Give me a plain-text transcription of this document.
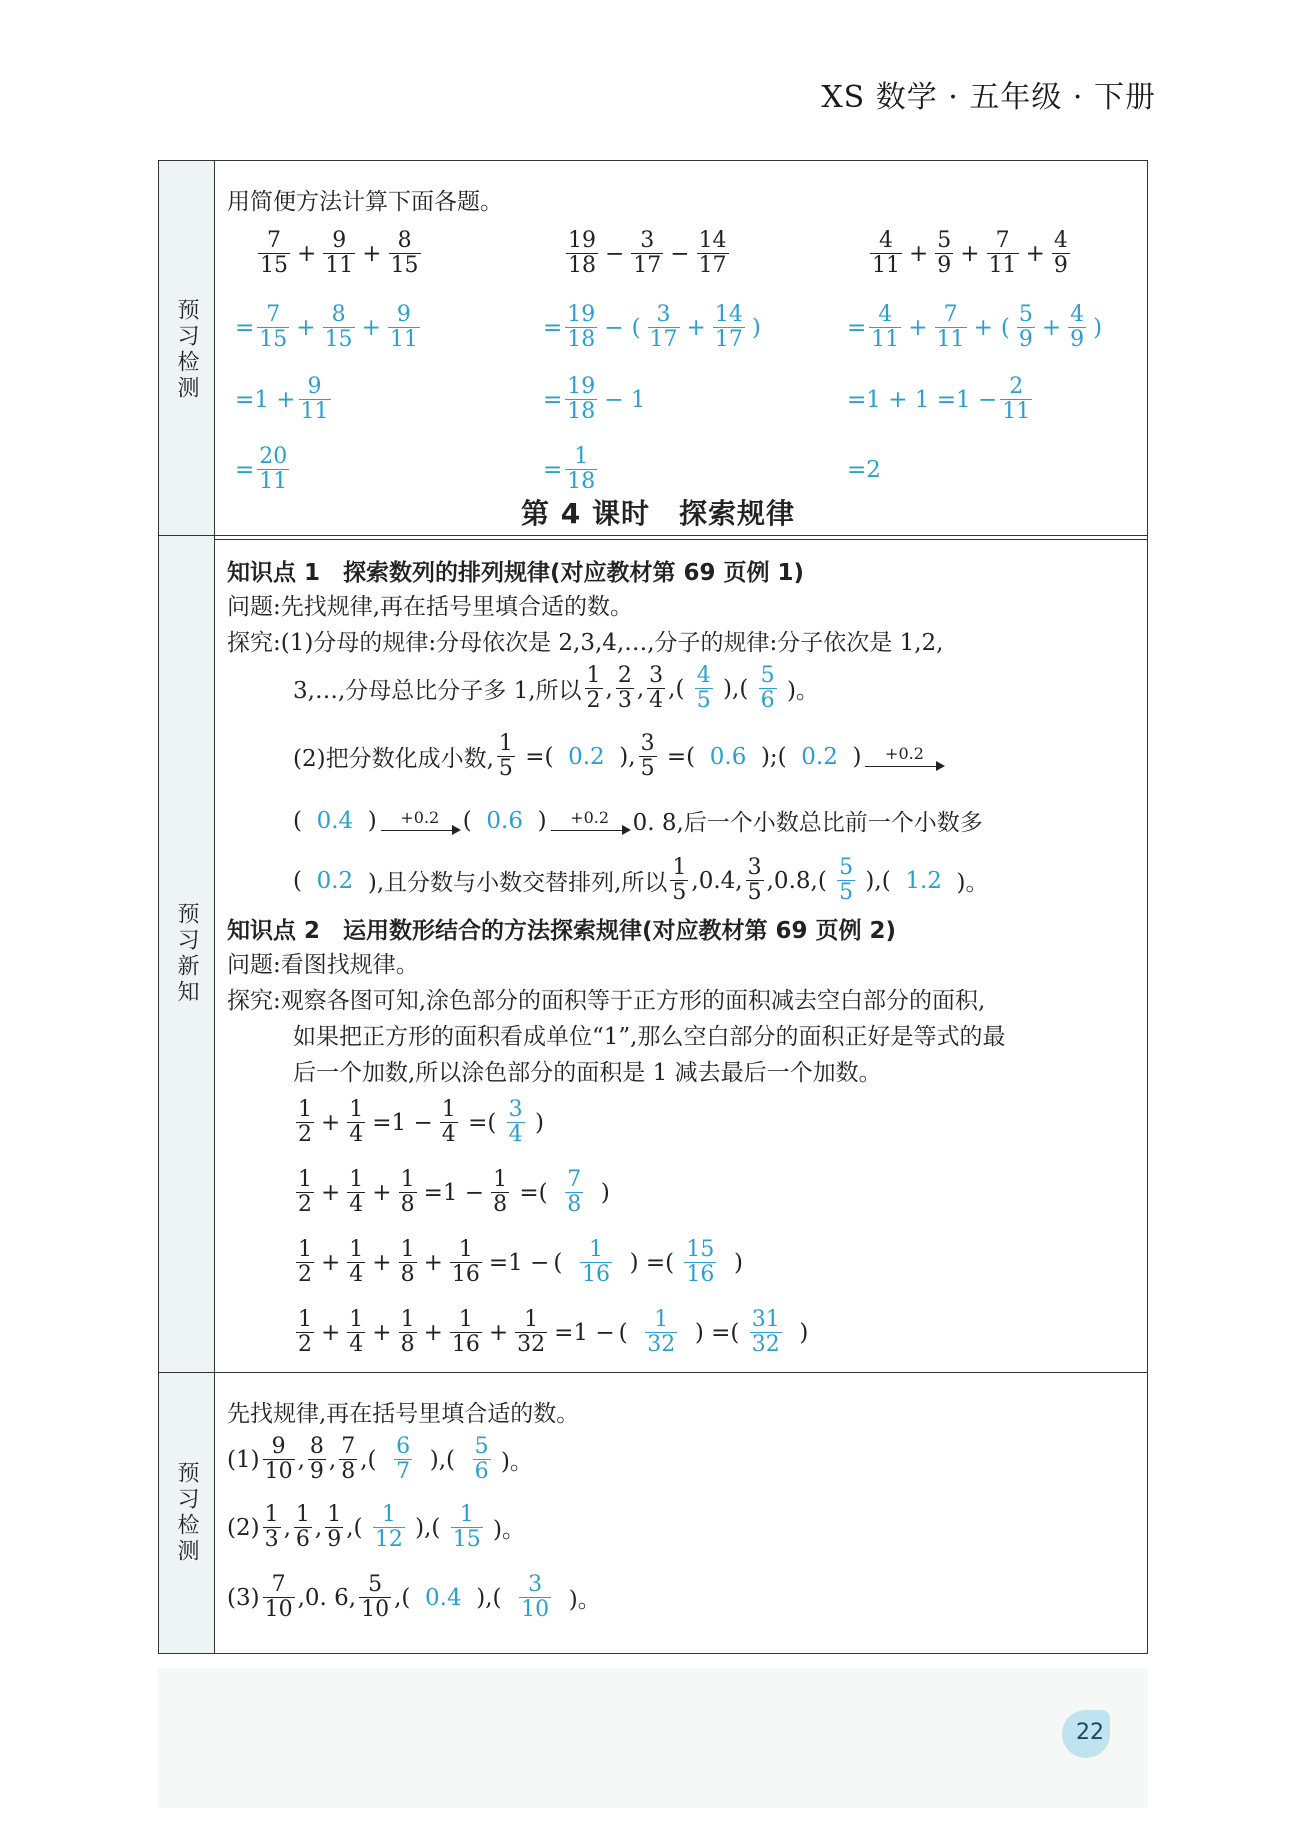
XS 数学 · 五年级 · 下册
预习检测
用简便方法计算下面各题。
7
$15 + \frac{9}{11} + \frac{8}{15}$
= $\frac{7}{15} + \frac{8}{15} + \frac{9}{11}$
$=1 + \frac{9}{11}$
= $\frac{20}{11}$
19
$18 - \frac{3}{17} - \frac{14}{17}$
= $\frac{19}{18}$ − (
3
$17 + \frac{14}{17}$ )
= $\frac{19}{18} - 1$
= $\frac{1}{18}$
4
$11 + \frac{5}{9} + \frac{7}{11} + \frac{4}{9}$
= $\frac{4}{11} + \frac{7}{11}$ + (
5
$9 + \frac{4}{9}$ )
$=1 + 1 =1 - \frac{2}{11}$
=2
第 4 课时　探索规律
预习新知
知识点 1　探索数列的排列规律(对应教材第 69 页例 1)
问题:先找规律,再在括号里填合适的数。
探究:(1)分母的规律:分母依次是 2,3,4,…,分子的规律:分子依次是 1,2,
3,…,分母总比分子多 1,所以
1
2 ,
2
3 ,
3
4 ,(
4
5 ),(
5
6 )。
(2)把分数化成小数,
1
5 =( 0.2 ),
3
5 =( 0.6 );( 0.2 ) +0.2
( 0.4 ) +0.2 ( 0.6 ) +0.2 0. 8,后一个小数总比前一个小数多
( 0.2
),且分数与小数交替排列,所以
1
5 ,0.4,
3
5 ,0.8,(

5
5 ),( 1.2 )。
知识点 2　运用数形结合的方法探索规律(对应教材第 69 页例 2)
问题:看图找规律。
探究:观察各图可知,涂色部分的面积等于正方形的面积减去空白部分的面积,
如果把正方形的面积看成单位“1”,那么空白部分的面积正好是等式的最
后一个加数,所以涂色部分的面积是 1 减去最后一个加数。
1
$2 + \frac{1}{4} =1 - \frac{1}{4}$ =(
3
4 )
1
$2 + \frac{1}{4} + \frac{1}{8} =1 - \frac{1}{8}$ =(
7
8 )
1
$2 + \frac{1}{4} + \frac{1}{8} + \frac{1}{16} =1$ − ( $\frac{1}{16}$ ) =(
15
16 )
1
$2 + \frac{1}{4} + \frac{1}{8} + \frac{1}{16} + \frac{1}{32} =1$ − ( $\frac{1}{32}$ ) =(
31
32 )
预习检测
先找规律,再在括号里填合适的数。
(1)
9
10 ,
8
9 ,
7
8 ,(
6
7 ),(
5
6
)。
(2)
1
3 ,
1
6 ,
1
9 ,(
1
12 ),(
1
15
)。
(3)
7
10 ,0. 6,
5
10 ,( 0.4 ),(
3
10
)。
22
